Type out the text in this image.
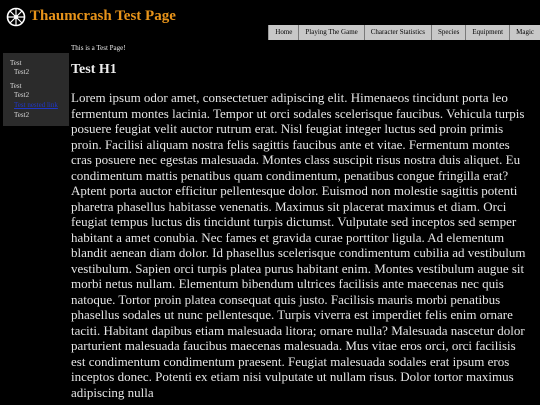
Thaumcrash Test Page
Home	Playing The Game	Character Statistics	Species	Equipment	Magic
Test
Test2
Test
Test2
Test nested link
Test2
This is a Test Page!
Test H1

Lorem ipsum odor amet, consectetuer adipiscing elit. Himenaeos tincidunt porta leo fermentum montes lacinia. Tempor ut orci sodales scelerisque faucibus. Vehicula turpis posuere feugiat velit auctor rutrum erat. Nisl feugiat integer luctus sed proin primis proin. Facilisi aliquam nostra felis sagittis faucibus ante et vitae. Fermentum montes cras posuere nec egestas malesuada. Montes class suscipit risus nostra duis aliquet. Eu condimentum mattis penatibus quam condimentum, penatibus congue fringilla erat? Aptent porta auctor efficitur pellentesque dolor. Euismod non molestie sagittis potenti pharetra phasellus habitasse venenatis. Maximus sit placerat maximus et diam. Orci feugiat tempus luctus dis tincidunt turpis dictumst. Vulputate sed inceptos sed semper habitant a amet conubia. Nec fames et gravida curae porttitor ligula. Ad elementum blandit aenean diam dolor. Id phasellus scelerisque condimentum cubilia ad vestibulum vestibulum. Sapien orci turpis platea purus habitant enim. Montes vestibulum augue sit morbi netus nullam. Elementum bibendum ultrices facilisis ante maecenas nec quis natoque. Tortor proin platea consequat quis justo. Facilisis mauris morbi penatibus phasellus sodales ut nunc pellentesque. Turpis viverra est imperdiet felis enim ornare taciti. Habitant dapibus etiam malesuada litora; ornare nulla? Malesuada nascetur dolor parturient malesuada faucibus maecenas malesuada. Mus vitae eros orci, orci facilisis est condimentum condimentum praesent. Feugiat malesuada sodales erat ipsum eros inceptos donec. Potenti ex etiam nisi vulputate ut nullam risus. Dolor tortor maximus adipiscing nulla
